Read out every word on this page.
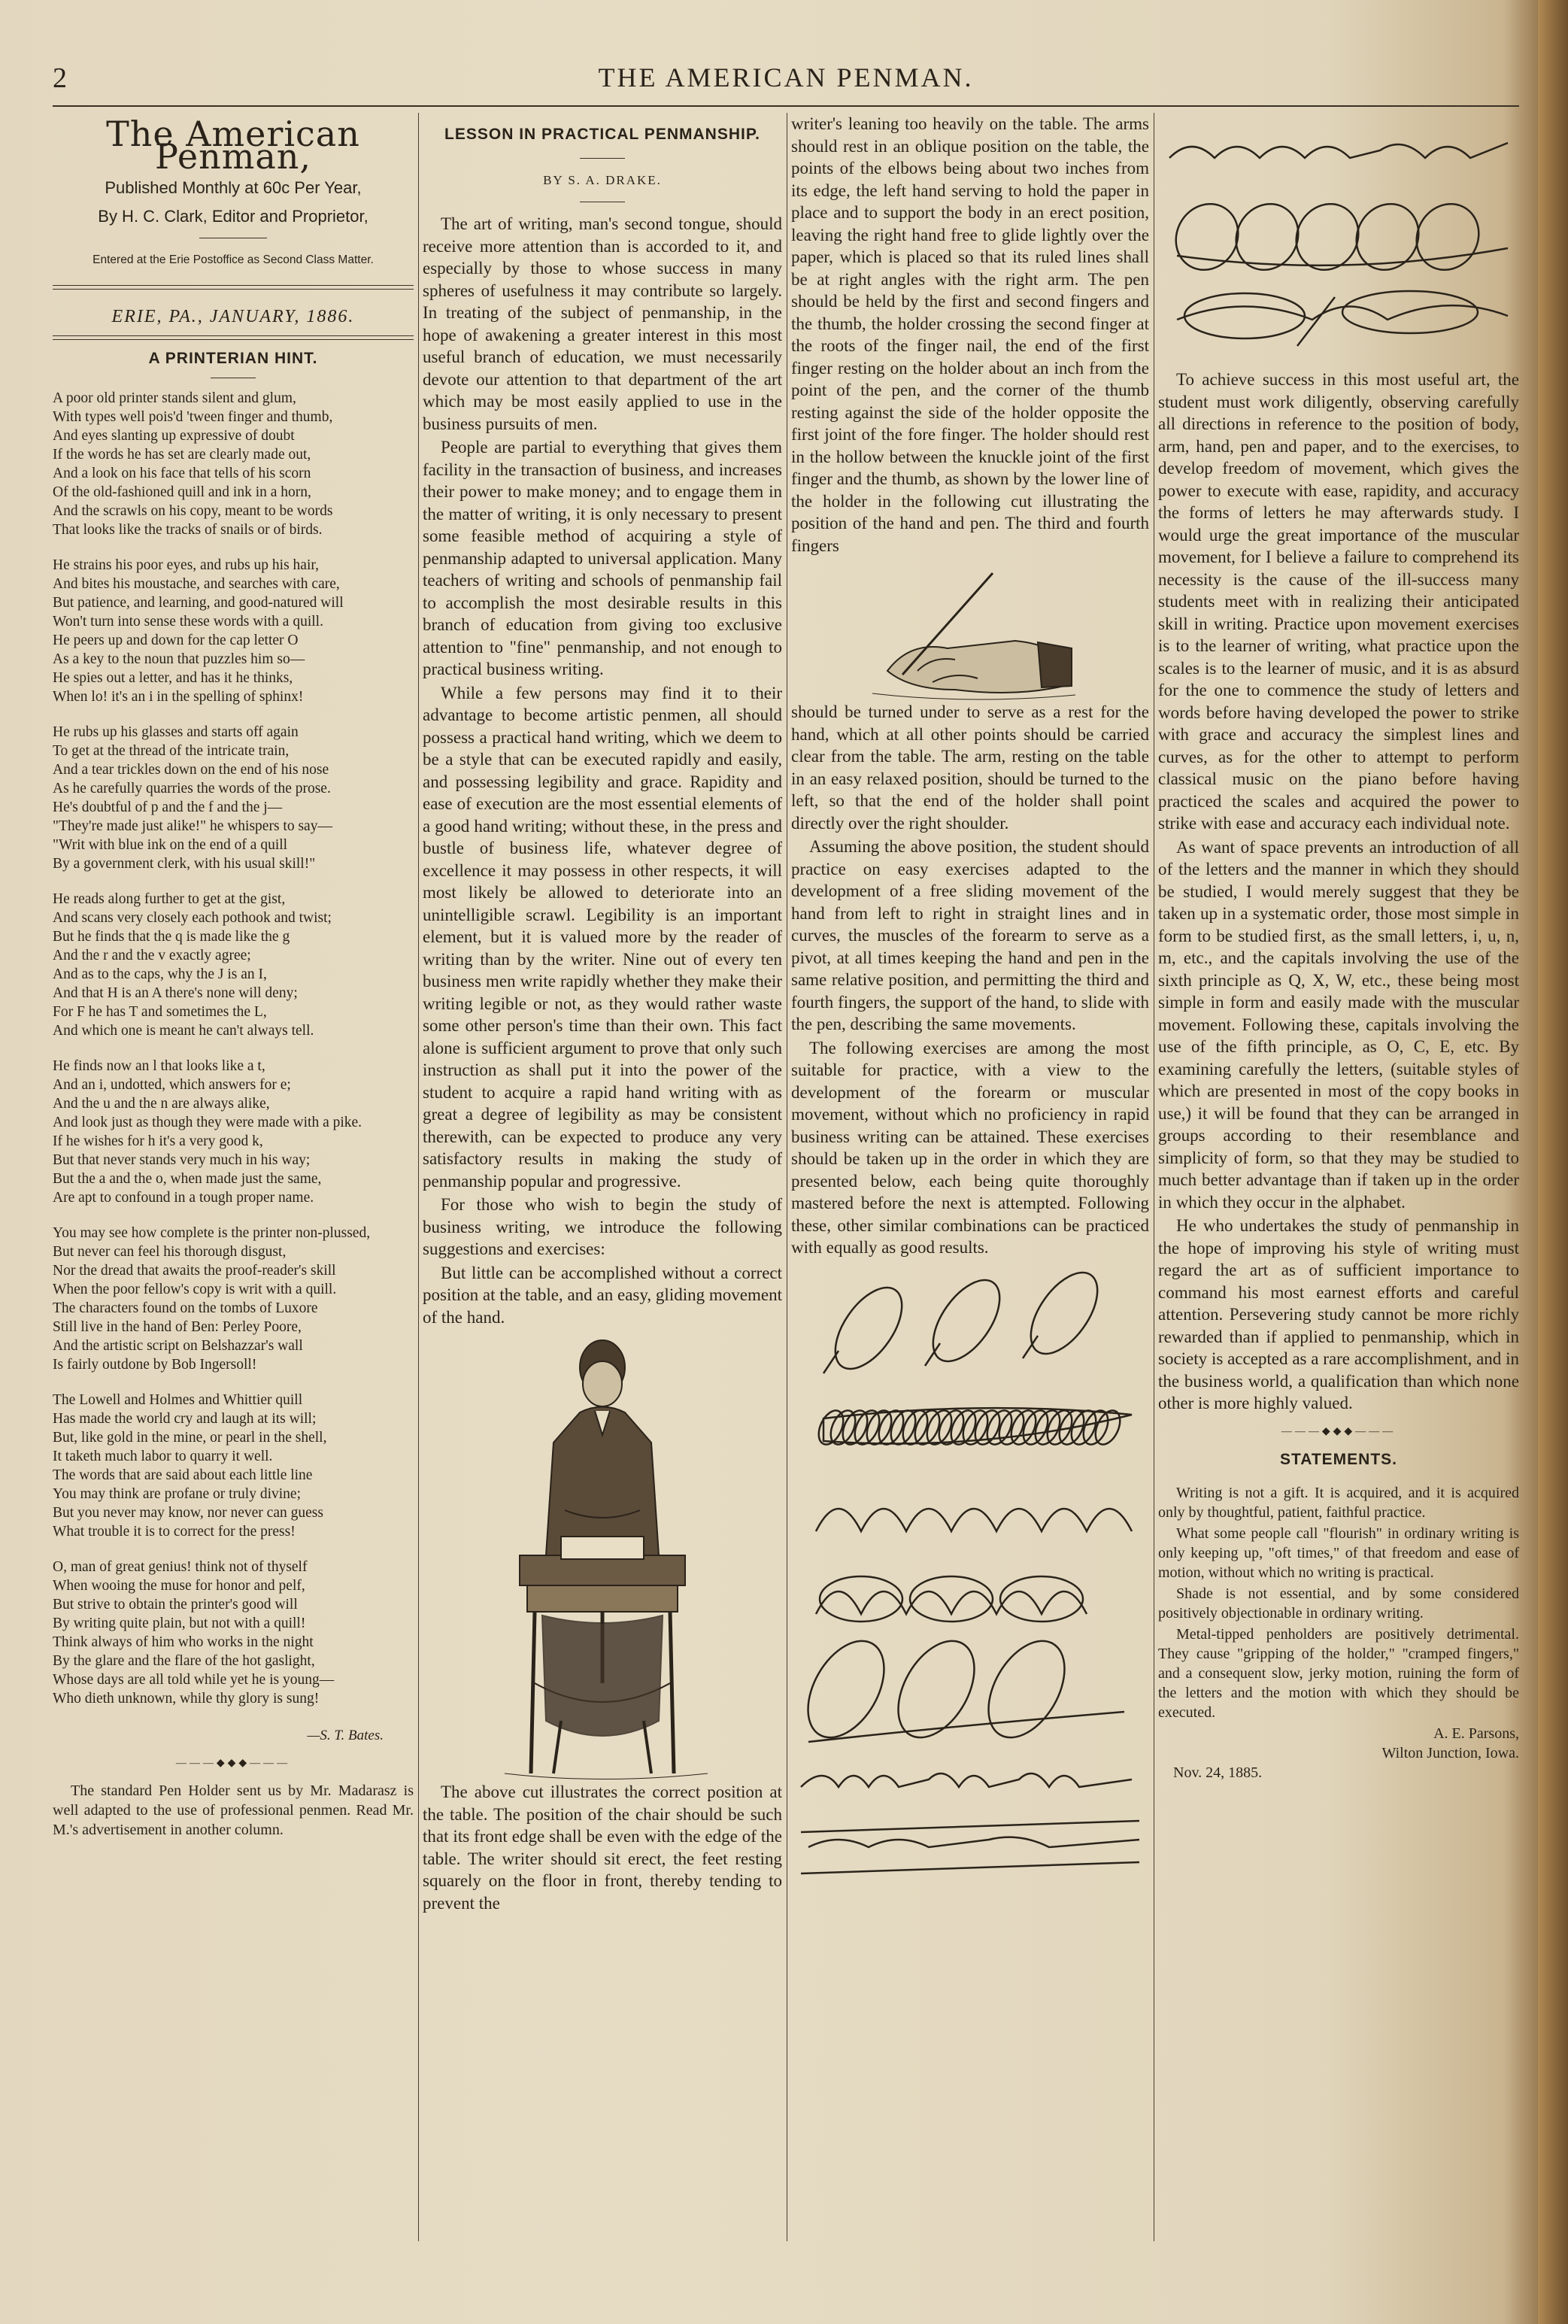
2	THE AMERICAN PENMAN.
The American Penman,
Published Monthly at 60c Per Year,
By H. C. Clark, Editor and Proprietor,
Entered at the Erie Postoffice as Second Class Matter.
ERIE, PA., JANUARY, 1886.
A PRINTERIAN HINT.
A poor old printer stands silent and glum,
With types well pois'd 'tween finger and thumb,
And eyes slanting up expressive of doubt
If the words he has set are clearly made out,
And a look on his face that tells of his scorn
Of the old-fashioned quill and ink in a horn,
And the scrawls on his copy, meant to be words
That looks like the tracks of snails or of birds.
He strains his poor eyes, and rubs up his hair,
And bites his moustache, and searches with care,
But patience, and learning, and good-natured will
Won't turn into sense these words with a quill.
He peers up and down for the cap letter O
As a key to the noun that puzzles him so—
He spies out a letter, and has it he thinks,
When lo! it's an i in the spelling of sphinx!
He rubs up his glasses and starts off again
To get at the thread of the intricate train,
And a tear trickles down on the end of his nose
As he carefully quarries the words of the prose.
He's doubtful of p and the f and the j—
"They're made just alike!" he whispers to say—
"Writ with blue ink on the end of a quill
By a government clerk, with his usual skill!"
He reads along further to get at the gist,
And scans very closely each pothook and twist;
But he finds that the q is made like the g
And the r and the v exactly agree;
And as to the caps, why the J is an I,
And that H is an A there's none will deny;
For F he has T and sometimes the L,
And which one is meant he can't always tell.
He finds now an l that looks like a t,
And an i, undotted, which answers for e;
And the u and the n are always alike,
And look just as though they were made with a pike.
If he wishes for h it's a very good k,
But that never stands very much in his way;
But the a and the o, when made just the same,
Are apt to confound in a tough proper name.
You may see how complete is the printer non-plussed,
But never can feel his thorough disgust,
Nor the dread that awaits the proof-reader's skill
When the poor fellow's copy is writ with a quill.
The characters found on the tombs of Luxore
Still live in the hand of Ben: Perley Poore,
And the artistic script on Belshazzar's wall
Is fairly outdone by Bob Ingersoll!
The Lowell and Holmes and Whittier quill
Has made the world cry and laugh at its will;
But, like gold in the mine, or pearl in the shell,
It taketh much labor to quarry it well.
The words that are said about each little line
You may think are profane or truly divine;
But you never may know, nor never can guess
What trouble it is to correct for the press!
O, man of great genius! think not of thyself
When wooing the muse for honor and pelf,
But strive to obtain the printer's good will
By writing quite plain, but not with a quill!
Think always of him who works in the night
By the glare and the flare of the hot gaslight,
Whose days are all told while yet he is young—
Who dieth unknown, while thy glory is sung!
—S. T. Bates.
———◆◆◆———

The standard Pen Holder sent us by Mr. Madarasz is well adapted to the use of professional penmen. Read Mr. M.'s advertisement in another column.

LESSON IN PRACTICAL PENMANSHIP.
BY S. A. DRAKE.

The art of writing, man's second tongue, should receive more attention than is accorded to it, and especially by those to whose success in many spheres of usefulness it may contribute so largely. In treating of the subject of penmanship, in the hope of awakening a greater interest in this most useful branch of education, we must necessarily devote our attention to that department of the art which may be most easily applied to use in the business pursuits of men.

People are partial to everything that gives them facility in the transaction of business, and increases their power to make money; and to engage them in the matter of writing, it is only necessary to present some feasible method of acquiring a style of penmanship adapted to universal application. Many teachers of writing and schools of penmanship fail to accomplish the most desirable results in this branch of education from giving too exclusive attention to "fine" penmanship, and not enough to practical business writing.

While a few persons may find it to their advantage to become artistic penmen, all should possess a practical hand writing, which we deem to be a style that can be executed rapidly and easily, and possessing legibility and grace. Rapidity and ease of execution are the most essential elements of a good hand writing; without these, in the press and bustle of business life, whatever degree of excellence it may possess in other respects, it will most likely be allowed to deteriorate into an unintelligible scrawl. Legibility is an important element, but it is valued more by the reader of writing than by the writer. Nine out of every ten business men write rapidly whether they make their writing legible or not, as they would rather waste some other person's time than their own. This fact alone is sufficient argument to prove that only such instruction as shall put it into the power of the student to acquire a rapid hand writing with as great a degree of legibility as may be consistent therewith, can be expected to produce any very satisfactory results in making the study of penmanship popular and progressive.

For those who wish to begin the study of business writing, we introduce the following suggestions and exercises:

But little can be accomplished without a correct position at the table, and an easy, gliding movement of the hand.

The above cut illustrates the correct position at the table. The position of the chair should be such that its front edge shall be even with the edge of the table. The writer should sit erect, the feet resting squarely on the floor in front, thereby tending to prevent the

writer's leaning too heavily on the table. The arms should rest in an oblique position on the table, the points of the elbows being about two inches from its edge, the left hand serving to hold the paper in place and to support the body in an erect position, leaving the right hand free to glide lightly over the paper, which is placed so that its ruled lines shall be at right angles with the right arm. The pen should be held by the first and second fingers and the thumb, the holder crossing the second finger at the roots of the finger nail, the end of the first finger resting on the holder about an inch from the point of the pen, and the corner of the thumb resting against the side of the holder opposite the first joint of the fore finger. The holder should rest in the hollow between the knuckle joint of the first finger and the thumb, as shown by the lower line of the holder in the following cut illustrating the position of the hand and pen. The third and fourth fingers

should be turned under to serve as a rest for the hand, which at all other points should be carried clear from the table. The arm, resting on the table in an easy relaxed position, should be turned to the left, so that the end of the holder shall point directly over the right shoulder.

Assuming the above position, the student should practice on easy exercises adapted to the development of a free sliding movement of the hand from left to right in straight lines and in curves, the muscles of the forearm to serve as a pivot, at all times keeping the hand and pen in the same relative position, and permitting the third and fourth fingers, the support of the hand, to slide with the pen, describing the same movements.

The following exercises are among the most suitable for practice, with a view to the development of the forearm or muscular movement, without which no proficiency in rapid business writing can be attained. These exercises should be taken up in the order in which they are presented below, each being quite thoroughly mastered before the next is attempted. Following these, other similar combinations can be practiced with equally as good results.

To achieve success in this most useful art, the student must work diligently, observing carefully all directions in reference to the position of body, arm, hand, pen and paper, and to the exercises, to develop freedom of movement, which gives the power to execute with ease, rapidity, and accuracy the forms of letters he may afterwards study. I would urge the great importance of the muscular movement, for I believe a failure to comprehend its necessity is the cause of the ill-success many students meet with in realizing their anticipated skill in writing. Practice upon movement exercises is to the learner of writing, what practice upon the scales is to the learner of music, and it is as absurd for the one to commence the study of letters and words before having developed the power to strike with grace and accuracy the simplest lines and curves, as for the other to attempt to perform classical music on the piano before having practiced the scales and acquired the power to strike with ease and accuracy each individual note.

As want of space prevents an introduction of all of the letters and the manner in which they should be studied, I would merely suggest that they be taken up in a systematic order, those most simple in form to be studied first, as the small letters, i, u, n, m, etc., and the capitals involving the use of the sixth principle as Q, X, W, etc., these being most simple in form and easily made with the muscular movement. Following these, capitals involving the use of the fifth principle, as O, C, E, etc. By examining carefully the letters, (suitable styles of which are presented in most of the copy books in use,) it will be found that they can be arranged in groups according to their resemblance and simplicity of form, so that they may be studied to much better advantage than if taken up in the order in which they occur in the alphabet.

He who undertakes the study of penmanship in the hope of improving his style of writing must regard the art as of sufficient importance to command his most earnest efforts and careful attention. Persevering study cannot be more richly rewarded than if applied to penmanship, which in society is accepted as a rare accomplishment, and in the business world, a qualification than which none other is more highly valued.

———◆◆◆———
STATEMENTS.

Writing is not a gift. It is acquired, and it is acquired only by thoughtful, patient, faithful practice.

What some people call "flourish" in ordinary writing is only keeping up, "oft times," of that freedom and ease of motion, without which no writing is practical.

Shade is not essential, and by some considered positively objectionable in ordinary writing.

Metal-tipped penholders are positively detrimental. They cause "gripping of the holder," "cramped fingers," and a consequent slow, jerky motion, ruining the form of the letters and the motion with which they should be executed.

A. E. Parsons,
Wilton Junction, Iowa.
Nov. 24, 1885.
